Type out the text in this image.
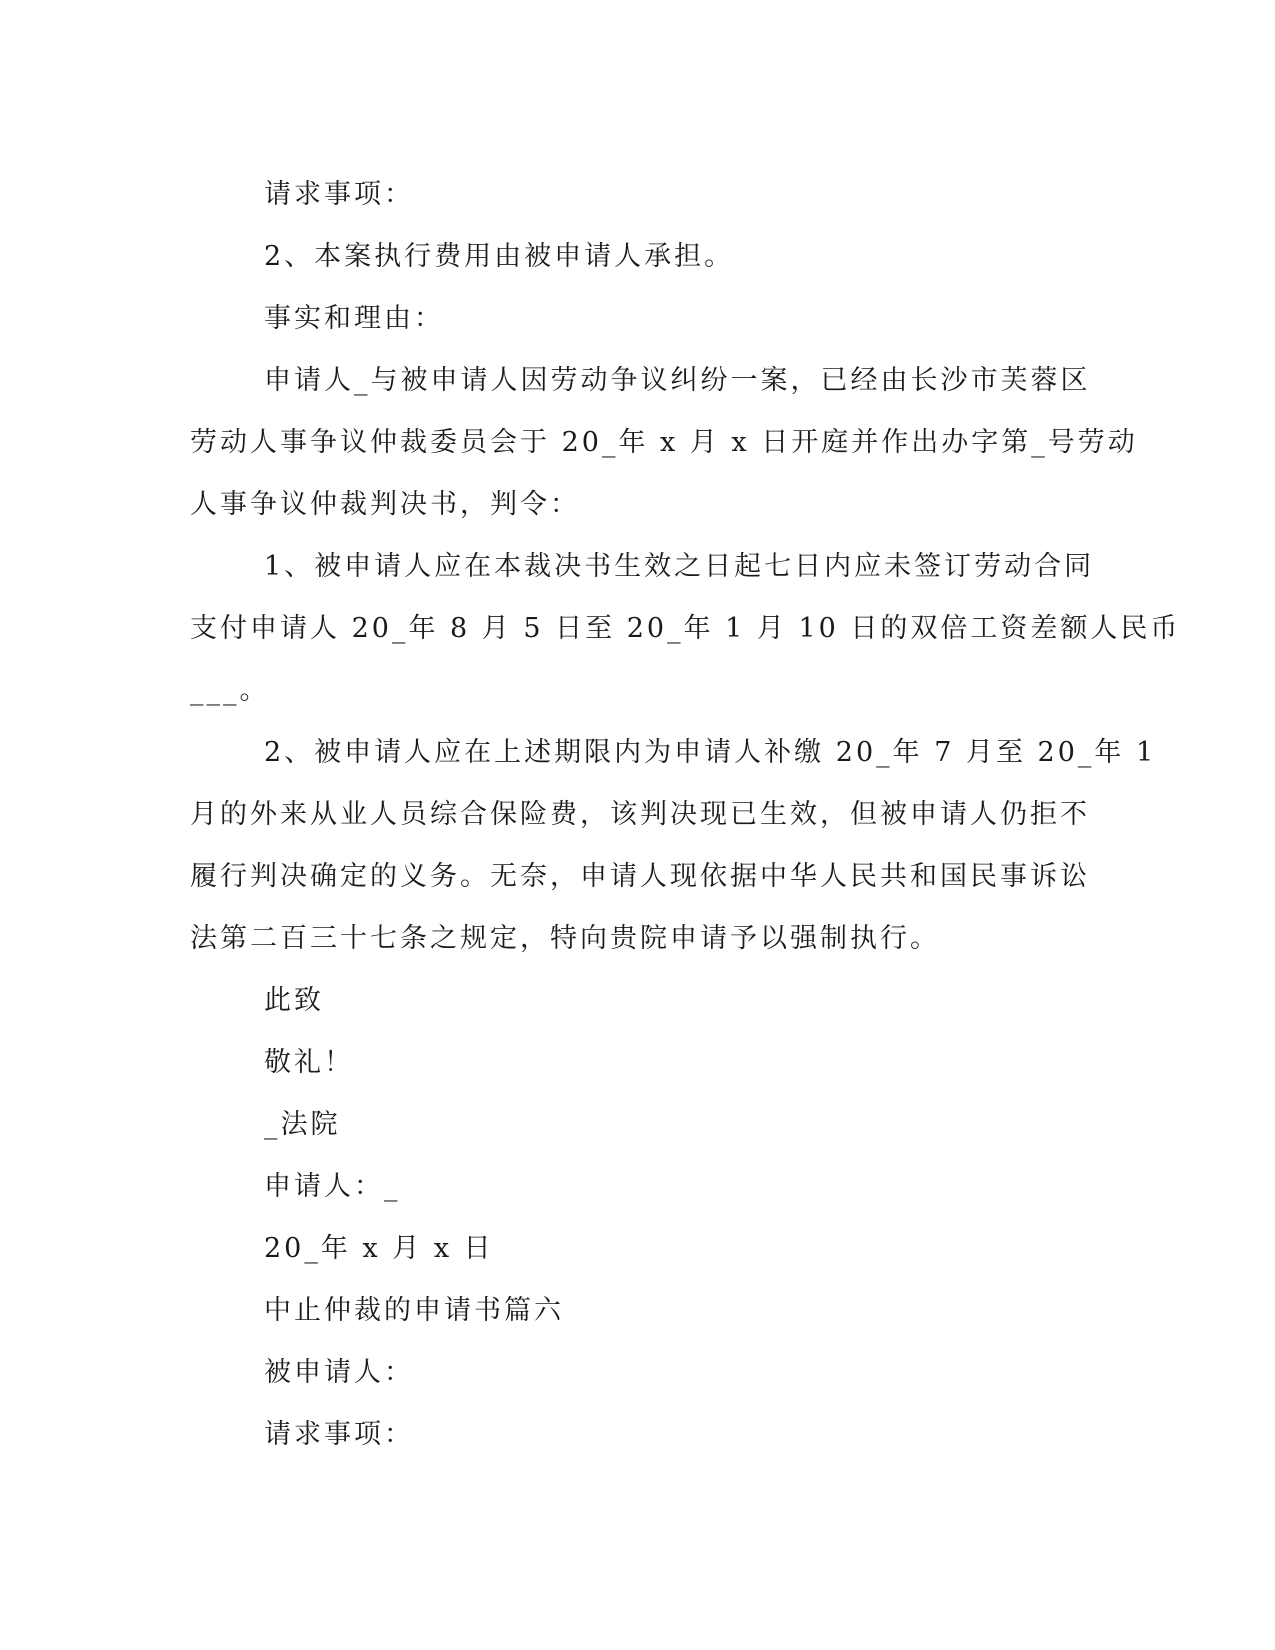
请求事项：
2、本案执行费用由被申请人承担。
事实和理由：
申请人_与被申请人因劳动争议纠纷一案，已经由长沙市芙蓉区
劳动人事争议仲裁委员会于 20_年 x 月 x 日开庭并作出办字第_号劳动
人事争议仲裁判决书，判令：
1、被申请人应在本裁决书生效之日起七日内应未签订劳动合同
支付申请人 20_年 8 月 5 日至 20_年 1 月 10 日的双倍工资差额人民币
___。
2、被申请人应在上述期限内为申请人补缴 20_年 7 月至 20_年 1
月的外来从业人员综合保险费，该判决现已生效，但被申请人仍拒不
履行判决确定的义务。无奈，申请人现依据中华人民共和国民事诉讼
法第二百三十七条之规定，特向贵院申请予以强制执行。
此致
敬礼！
_法院
申请人：_
20_年 x 月 x 日
中止仲裁的申请书篇六
被申请人：
请求事项：
